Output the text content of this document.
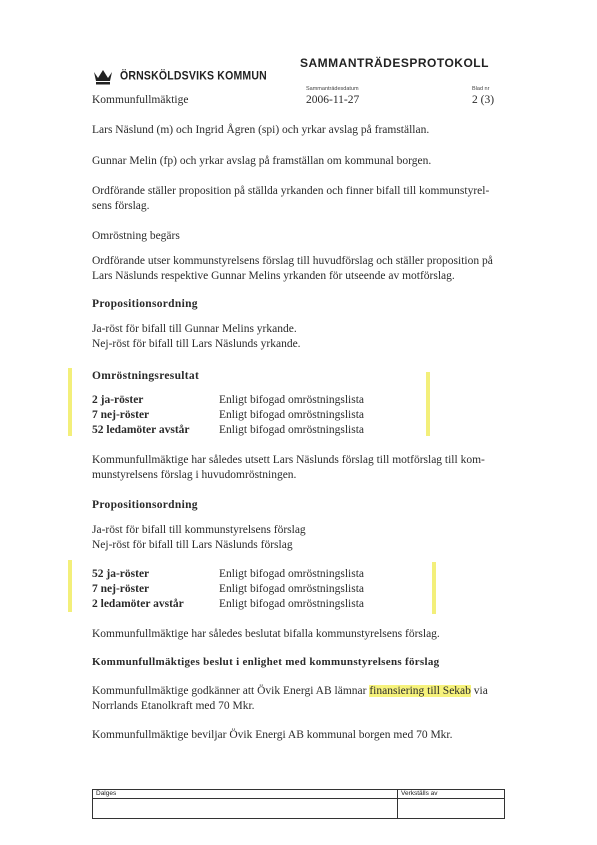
ÖRNSKÖLDSVIKS KOMMUN
SAMMANTRÄDESPROTOKOLL
Sammanträdesdatum	Blad nr
Kommunfullmäktige	2006-11-27	2 (3)
Lars Näslund (m) och Ingrid Ågren (spi) och yrkar avslag på framställan.
Gunnar Melin (fp) och yrkar avslag på framställan om kommunal borgen.
Ordförande ställer proposition på ställda yrkanden och finner bifall till kommunstyrel-
sens förslag.
Omröstning begärs
Ordförande utser kommunstyrelsens förslag till huvudförslag och ställer proposition på
Lars Näslunds respektive Gunnar Melins yrkanden för utseende av motförslag.
Propositionsordning
Ja-röst för bifall till Gunnar Melins yrkande.
Nej-röst för bifall till Lars Näslunds yrkande.
Omröstningsresultat
2 ja-röster	Enligt bifogad omröstningslista
7 nej-röster	Enligt bifogad omröstningslista
52 ledamöter avstår	Enligt bifogad omröstningslista
Kommunfullmäktige har således utsett Lars Näslunds förslag till motförslag till kom-
munstyrelsens förslag i huvudomröstningen.
Propositionsordning
Ja-röst för bifall till kommunstyrelsens förslag
Nej-röst för bifall till Lars Näslunds förslag
52 ja-röster	Enligt bifogad omröstningslista
7 nej-röster	Enligt bifogad omröstningslista
2 ledamöter avstår	Enligt bifogad omröstningslista
Kommunfullmäktige har således beslutat bifalla kommunstyrelsens förslag.
Kommunfullmäktiges beslut i enlighet med kommunstyrelsens förslag
Kommunfullmäktige godkänner att Övik Energi AB lämnar finansiering till Sekab via
Norrlands Etanolkraft med 70 Mkr.
Kommunfullmäktige beviljar Övik Energi AB kommunal borgen med 70 Mkr.
Dalges	Verkställs av
